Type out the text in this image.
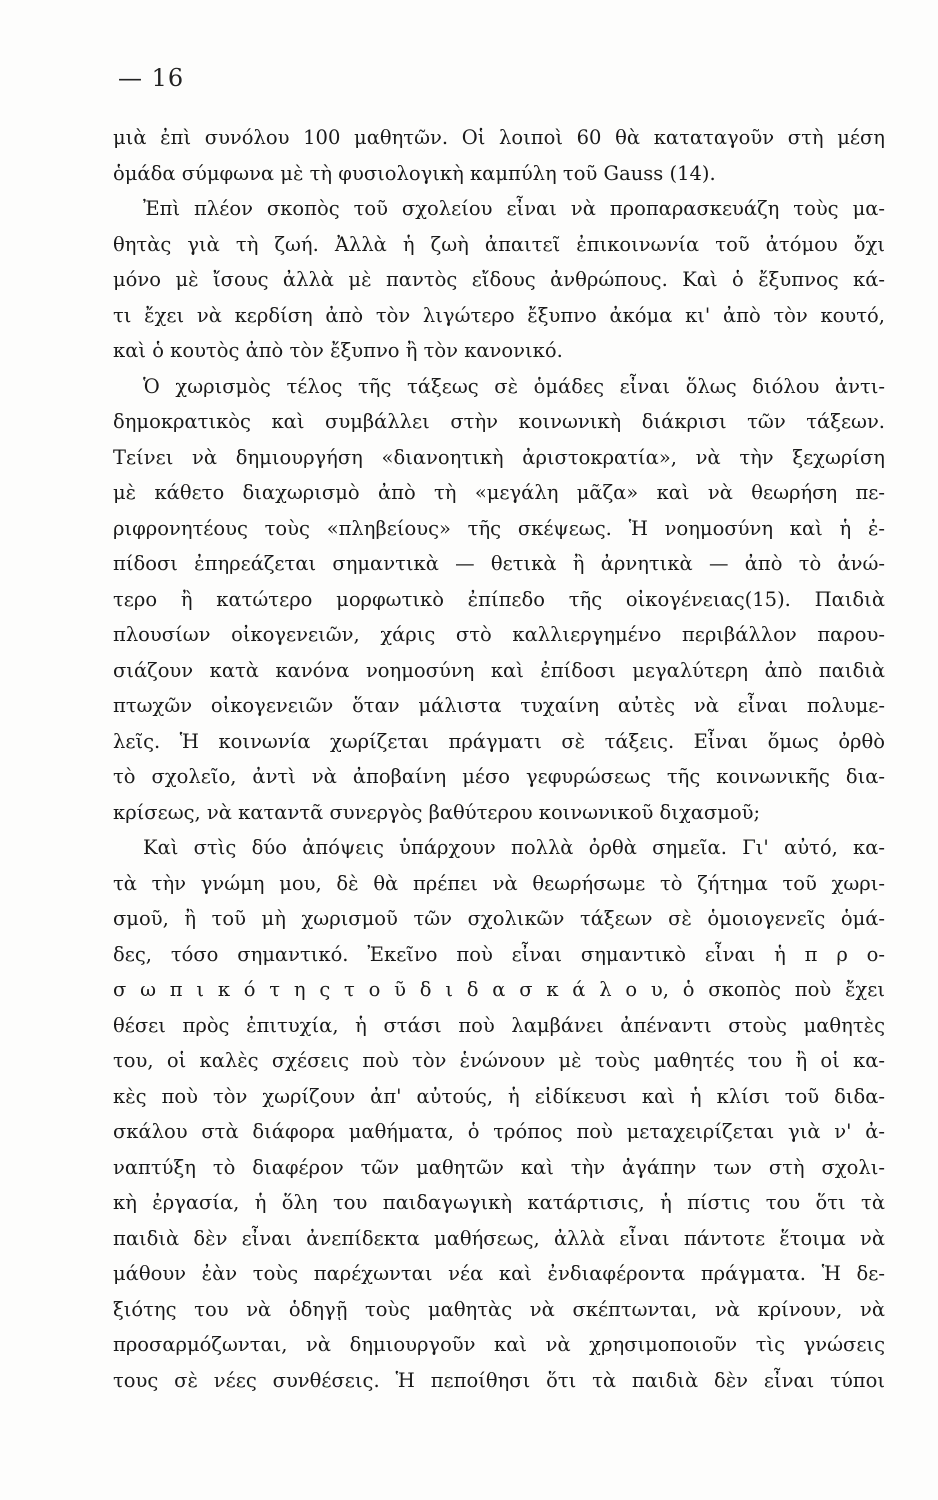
— 16
μιὰ ἐπὶ συνόλου 100 μαθητῶν. Οἱ λοιποὶ 60 θὰ καταταγοῦν στὴ μέση
ὁμάδα σύμφωνα μὲ τὴ φυσιολογικὴ καμπύλη τοῦ Gauss (14).
Ἐπὶ πλέον σκοπὸς τοῦ σχολείου εἶναι νὰ προπαρασκευάζη τοὺς μα-
θητὰς γιὰ τὴ ζωή. Ἀλλὰ ἡ ζωὴ ἀπαιτεῖ ἐπικοινωνία τοῦ ἀτόμου ὄχι
μόνο μὲ ἴσους ἀλλὰ μὲ παντὸς εἴδους ἀνθρώπους. Καὶ ὁ ἔξυπνος κά-
τι ἔχει νὰ κερδίση ἀπὸ τὸν λιγώτερο ἔξυπνο ἀκόμα κι' ἀπὸ τὸν κουτό,
καὶ ὁ κουτὸς ἀπὸ τὸν ἔξυπνο ἢ τὸν κανονικό.
Ὁ χωρισμὸς τέλος τῆς τάξεως σὲ ὁμάδες εἶναι ὅλως διόλου ἀντι-
δημοκρατικὸς καὶ συμβάλλει στὴν κοινωνικὴ διάκρισι τῶν τάξεων.
Τείνει νὰ δημιουργήση «διανοητικὴ ἀριστοκρατία», νὰ τὴν ξεχωρίση
μὲ κάθετο διαχωρισμὸ ἀπὸ τὴ «μεγάλη μᾶζα» καὶ νὰ θεωρήση πε-
ριφρονητέους τοὺς «πληβείους» τῆς σκέψεως. Ἡ νοημοσύνη καὶ ἡ ἐ-
πίδοσι ἐπηρεάζεται σημαντικὰ — θετικὰ ἢ ἀρνητικὰ — ἀπὸ τὸ ἀνώ-
τερο ἢ κατώτερο μορφωτικὸ ἐπίπεδο τῆς οἰκογένειας(15). Παιδιὰ
πλουσίων οἰκογενειῶν, χάρις στὸ καλλιεργημένο περιβάλλον παρου-
σιάζουν κατὰ κανόνα νοημοσύνη καὶ ἐπίδοσι μεγαλύτερη ἀπὸ παιδιὰ
πτωχῶν οἰκογενειῶν ὅταν μάλιστα τυχαίνη αὐτὲς νὰ εἶναι πολυμε-
λεῖς. Ἡ κοινωνία χωρίζεται πράγματι σὲ τάξεις. Εἶναι ὅμως ὀρθὸ
τὸ σχολεῖο, ἀντὶ νὰ ἀποβαίνη μέσο γεφυρώσεως τῆς κοινωνικῆς δια-
κρίσεως, νὰ καταντᾶ συνεργὸς βαθύτερου κοινωνικοῦ διχασμοῦ;
Καὶ στὶς δύο ἀπόψεις ὑπάρχουν πολλὰ ὀρθὰ σημεῖα. Γι' αὐτό, κα-
τὰ τὴν γνώμη μου, δὲ θὰ πρέπει νὰ θεωρήσωμε τὸ ζήτημα τοῦ χωρι-
σμοῦ, ἢ τοῦ μὴ χωρισμοῦ τῶν σχολικῶν τάξεων σὲ ὁμοιογενεῖς ὁμά-
δες, τόσο σημαντικό. Ἐκεῖνο ποὺ εἶναι σημαντικὸ εἶναι ἡ π ρ ο-
σ ω π ι κ ό τ η ς τ ο ῦ δ ι δ α σ κ ά λ ο υ, ὁ σκοπὸς ποὺ ἔχει
θέσει πρὸς ἐπιτυχία, ἡ στάσι ποὺ λαμβάνει ἀπέναντι στοὺς μαθητὲς
του, οἱ καλὲς σχέσεις ποὺ τὸν ἑνώνουν μὲ τοὺς μαθητές του ἢ οἱ κα-
κὲς ποὺ τὸν χωρίζουν ἀπ' αὐτούς, ἡ εἰδίκευσι καὶ ἡ κλίσι τοῦ διδα-
σκάλου στὰ διάφορα μαθήματα, ὁ τρόπος ποὺ μεταχειρίζεται γιὰ ν' ἀ-
ναπτύξη τὸ διαφέρον τῶν μαθητῶν καὶ τὴν ἀγάπην των στὴ σχολι-
κὴ ἐργασία, ἡ ὅλη του παιδαγωγικὴ κατάρτισις, ἡ πίστις του ὅτι τὰ
παιδιὰ δὲν εἶναι ἀνεπίδεκτα μαθήσεως, ἀλλὰ εἶναι πάντοτε ἕτοιμα νὰ
μάθουν ἐὰν τοὺς παρέχωνται νέα καὶ ἐνδιαφέροντα πράγματα. Ἡ δε-
ξιότης του νὰ ὁδηγῇ τοὺς μαθητὰς νὰ σκέπτωνται, νὰ κρίνουν, νὰ
προσαρμόζωνται, νὰ δημιουργοῦν καὶ νὰ χρησιμοποιοῦν τὶς γνώσεις
τους σὲ νέες συνθέσεις. Ἡ πεποίθησι ὅτι τὰ παιδιὰ δὲν εἶναι τύποι
